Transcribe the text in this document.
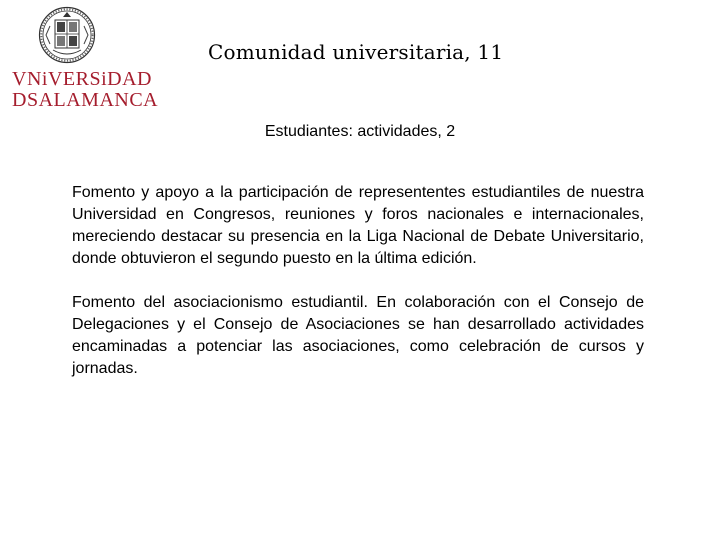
VNiVERSiDAD
DSALAMANCA
Comunidad universitaria, 11
Estudiantes: actividades, 2

Fomento y apoyo a la participación de represententes estudiantiles de nuestra Universidad en Congresos, reuniones y foros nacionales e internacionales, mereciendo destacar su presencia en la Liga Nacional de Debate Universitario, donde obtuvieron el segundo puesto en la última edición.

Fomento del asociacionismo estudiantil. En colaboración con el Consejo de Delegaciones y el Consejo de Asociaciones se han desarrollado actividades encaminadas a potenciar las asociaciones, como celebración de cursos y jornadas.
